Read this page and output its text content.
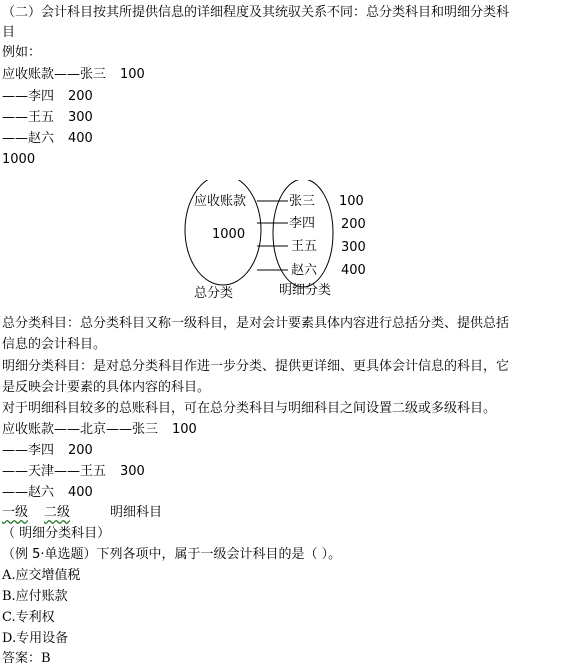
（二）会计科目按其所提供信息的详细程度及其统驭关系不同：总分类科目和明细分类科
目
例如：
应收账款——张三 100
——李四 200
——王五 300
——赵六 400
1000
应收账款
1000
张三
李四
王五
赵六
100
200
300
400
总分类	明细分类
总分类科目：总分类科目又称一级科目，是对会计要素具体内容进行总括分类、提供总括
信息的会计科目。
明细分类科目：是对总分类科目作进一步分类、提供更详细、更具体会计信息的科目，它
是反映会计要素的具体内容的科目。
对于明细科目较多的总账科目，可在总分类科目与明细科目之间设置二级或多级科目。
应收账款——北京——张三 100
——李四 200
——天津——王五 300
——赵六 400
一级 二级	明细科目
（ 明细分类科目）
（例 5·单选题）下列各项中，属于一级会计科目的是（ ）。
A.应交增值税
B.应付账款
C.专利权
D.专用设备
答案：B
